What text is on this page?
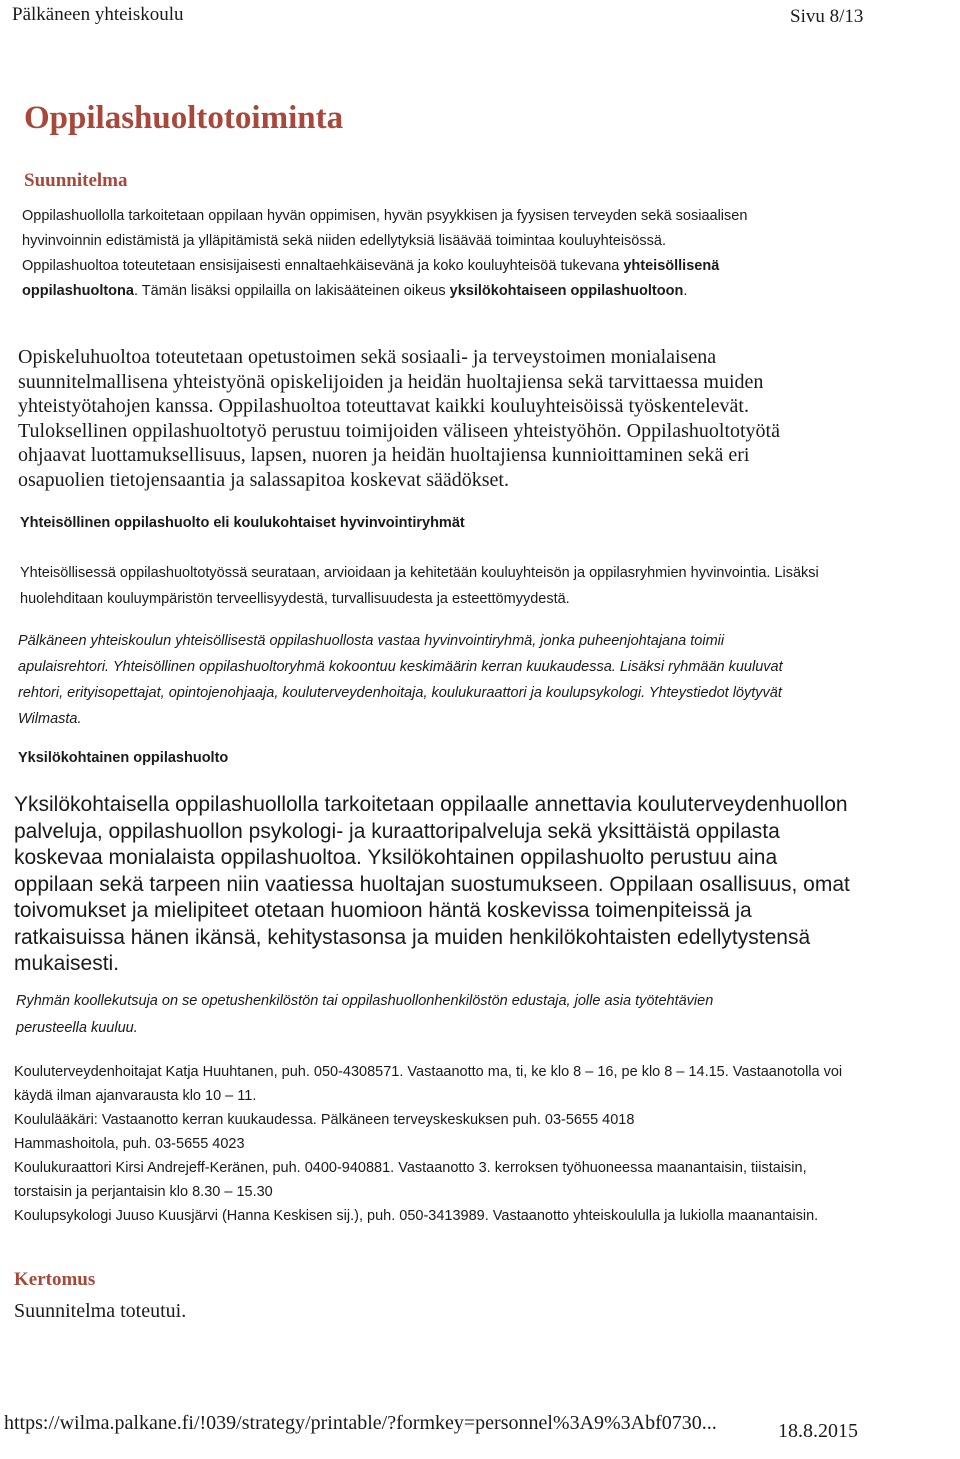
Pälkäneen yhteiskoulu	Sivu 8/13
Oppilashuoltotoiminta
Suunnitelma

Oppilashuollolla tarkoitetaan oppilaan hyvän oppimisen, hyvän psyykkisen ja fyysisen terveyden sekä sosiaalisen hyvinvoinnin edistämistä ja ylläpitämistä sekä niiden edellytyksiä lisäävää toimintaa kouluyhteisössä.

Oppilashuoltoa toteutetaan ensisijaisesti ennaltaehkäisevänä ja koko kouluyhteisöä tukevana yhteisöllisenä oppilashuoltona. Tämän lisäksi oppilailla on lakisääteinen oikeus yksilökohtaiseen oppilashuoltoon.

Opiskeluhuoltoa toteutetaan opetustoimen sekä sosiaali- ja terveystoimen monialaisena suunnitelmallisena yhteistyönä opiskelijoiden ja heidän huoltajiensa sekä tarvittaessa muiden yhteistyötahojen kanssa. Oppilashuoltoa toteuttavat kaikki kouluyhteisöissä työskentelevät. Tuloksellinen oppilashuoltotyö perustuu toimijoiden väliseen yhteistyöhön. Oppilashuoltotyötä ohjaavat luottamuksellisuus, lapsen, nuoren ja heidän huoltajiensa kunnioittaminen sekä eri osapuolien tietojensaantia ja salassapitoa koskevat säädökset.

Yhteisöllinen oppilashuolto eli koulukohtaiset hyvinvointiryhmät

Yhteisöllisessä oppilashuoltotyössä seurataan, arvioidaan ja kehitetään kouluyhteisön ja oppilasryhmien hyvinvointia. Lisäksi huolehditaan kouluympäristön terveellisyydestä, turvallisuudesta ja esteettömyydestä.

Pälkäneen yhteiskoulun yhteisöllisestä oppilashuollosta vastaa hyvinvointiryhmä, jonka puheenjohtajana toimii apulaisrehtori. Yhteisöllinen oppilashuoltoryhmä kokoontuu keskimäärin kerran kuukaudessa. Lisäksi ryhmään kuuluvat rehtori, erityisopettajat, opintojenohjaaja, kouluterveydenhoitaja, koulukuraattori ja koulupsykologi. Yhteystiedot löytyvät Wilmasta.

Yksilökohtainen oppilashuolto

Yksilökohtaisella oppilashuollolla tarkoitetaan oppilaalle annettavia kouluterveydenhuollon palveluja, oppilashuollon psykologi- ja kuraattoripalveluja sekä yksittäistä oppilasta koskevaa monialaista oppilashuoltoa. Yksilökohtainen oppilashuolto perustuu aina oppilaan sekä tarpeen niin vaatiessa huoltajan suostumukseen. Oppilaan osallisuus, omat toivomukset ja mielipiteet otetaan huomioon häntä koskevissa toimenpiteissä ja ratkaisuissa hänen ikänsä, kehitystasonsa ja muiden henkilökohtaisten edellytystensä mukaisesti.

Ryhmän koollekutsuja on se opetushenkilöstön tai oppilashuollonhenkilöstön edustaja, jolle asia työtehtävien perusteella kuuluu.

Kouluterveydenhoitajat Katja Huuhtanen, puh. 050-4308571. Vastaanotto ma, ti, ke klo 8 – 16, pe klo 8 – 14.15. Vastaanotolla voi käydä ilman ajanvarausta klo 10 – 11.

Koululääkäri: Vastaanotto kerran kuukaudessa. Pälkäneen terveyskeskuksen puh. 03-5655 4018

Hammashoitola, puh. 03-5655 4023

Koulukuraattori Kirsi Andrejeff-Keränen, puh. 0400-940881. Vastaanotto 3. kerroksen työhuoneessa maanantaisin, tiistaisin, torstaisin ja perjantaisin klo 8.30 – 15.30

Koulupsykologi Juuso Kuusjärvi (Hanna Keskisen sij.), puh. 050-3413989. Vastaanotto yhteiskoululla ja lukiolla maanantaisin.

Kertomus

Suunnitelma toteutui.

https://wilma.palkane.fi/!039/strategy/printable/?formkey=personnel%3A9%3Abf0730...	18.8.2015
